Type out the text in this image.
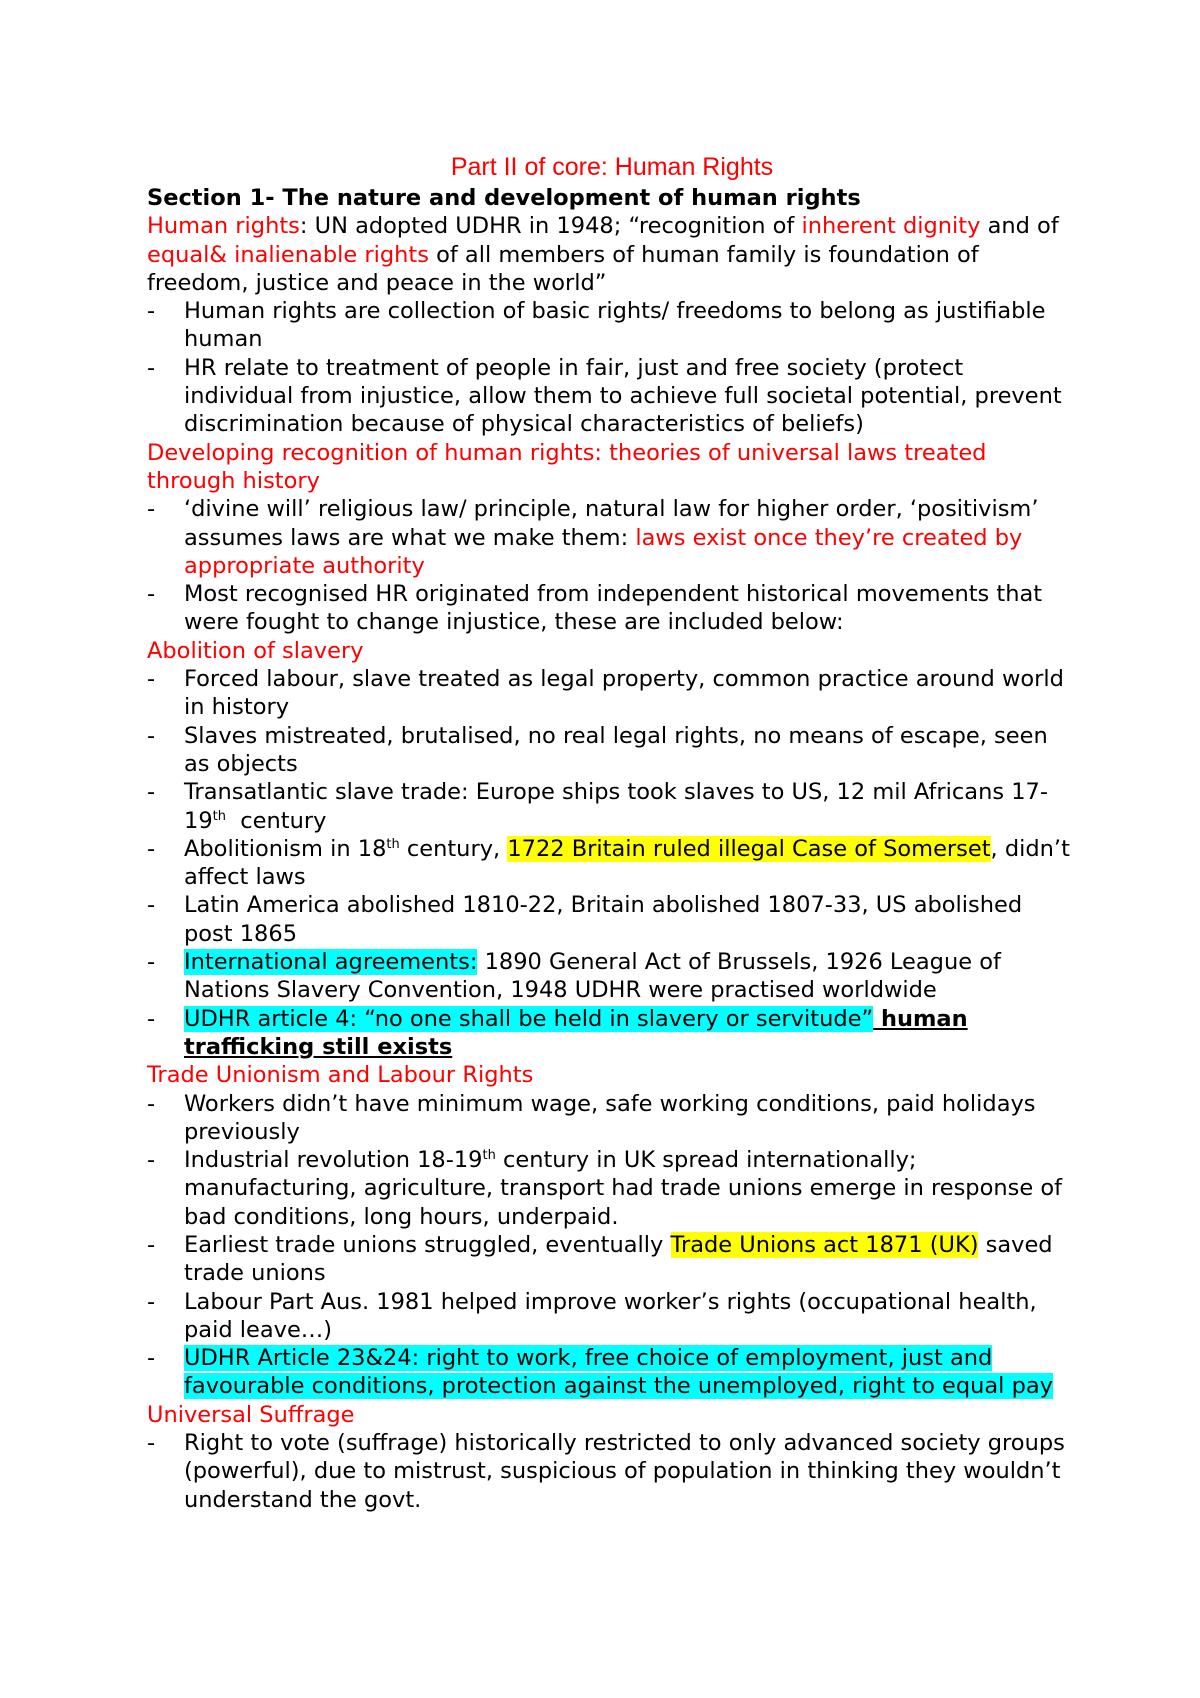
Part II of core: Human Rights
Section 1- The nature and development of human rights
Human rights: UN adopted UDHR in 1948; “recognition of inherent dignity and of equal& inalienable rights of all members of human family is foundation of freedom, justice and peace in the world”
- Human rights are collection of basic rights/ freedoms to belong as justifiable human
- HR relate to treatment of people in fair, just and free society (protect individual from injustice, allow them to achieve full societal potential, prevent discrimination because of physical characteristics of beliefs)
Developing recognition of human rights: theories of universal laws treated through history
- ‘divine will’ religious law/ principle, natural law for higher order, ‘positivism’ assumes laws are what we make them: laws exist once they’re created by appropriate authority
- Most recognised HR originated from independent historical movements that were fought to change injustice, these are included below:
Abolition of slavery
- Forced labour, slave treated as legal property, common practice around world in history
- Slaves mistreated, brutalised, no real legal rights, no means of escape, seen as objects
- Transatlantic slave trade: Europe ships took slaves to US, 12 mil Africans 17-19th  century
- Abolitionism in 18th century, 1722 Britain ruled illegal Case of Somerset, didn’t affect laws
- Latin America abolished 1810-22, Britain abolished 1807-33, US abolished post 1865
- International agreements: 1890 General Act of Brussels, 1926 League of Nations Slavery Convention, 1948 UDHR were practised worldwide
- UDHR article 4: “no one shall be held in slavery or servitude” human trafficking still exists
Trade Unionism and Labour Rights
- Workers didn’t have minimum wage, safe working conditions, paid holidays previously
- Industrial revolution 18-19th century in UK spread internationally; manufacturing, agriculture, transport had trade unions emerge in response of bad conditions, long hours, underpaid.
- Earliest trade unions struggled, eventually Trade Unions act 1871 (UK) saved trade unions
- Labour Part Aus. 1981 helped improve worker’s rights (occupational health, paid leave…)
- UDHR Article 23&24: right to work, free choice of employment, just and favourable conditions, protection against the unemployed, right to equal pay
Universal Suffrage
- Right to vote (suffrage) historically restricted to only advanced society groups (powerful), due to mistrust, suspicious of population in thinking they wouldn’t understand the govt.
